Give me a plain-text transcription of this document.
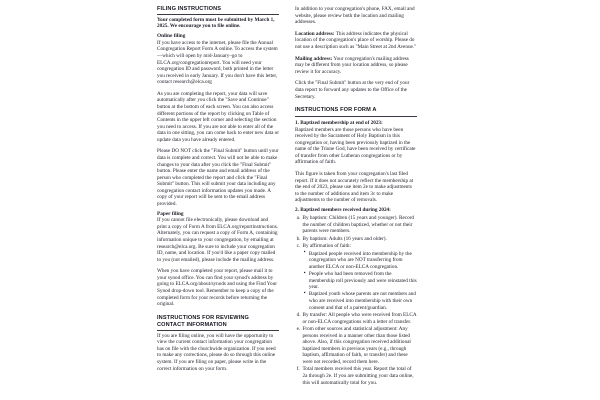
FILING INSTRUCTIONS

Your completed form must be submitted by March 1, 2025. We encourage you to file online.

Online filing

If you have access to the internet, please file the Annual Congregation Report Form A online. To access the system—which will open by mid-January–go to ELCA.org/congregationreport. You will need your congregation ID and password, both printed in the letter you received in early January. If you don't have this letter, contact research@elca.org

As you are completing the report, your data will save automatically after you click the "Save and Continue" button at the bottom of each screen. You can also access different portions of the report by clicking on Table of Contents in the upper left corner and selecting the section you need to access. If you are not able to enter all of the data in one sitting, you can come back to enter new data or update data you have already entered.

Please DO NOT click the "Final Submit" button until your data is complete and correct. You will not be able to make changes to your data after you click the "Final Submit" button. Please enter the name and email address of the person who completed the report and click the "Final Submit" button. This will submit your data including any congregation contact information updates you made. A copy of your report will be sent to the email address provided.

Paper filing

If you cannot file electronically, please download and print a copy of Form A from ELCA.org/reportinstructions. Alternately, you can request a copy of Form A, containing information unique to your congregation, by emailing at research@elca.org. Be sure to include your congregation ID, name, and location. If you'd like a paper copy mailed to you (not emailed), please include the mailing address.

When you have completed your report, please mail it to your synod office. You can find your synod's address by going to ELCA.org/about/synods and using the Find Your Synod drop-down tool. Remember to keep a copy of the completed form for your records before returning the original.

INSTRUCTIONS FOR REVIEWING
CONTACT INFORMATION

If you are filing online, you will have the opportunity to view the current contact information your congregation has on file with the churchwide organization. If you need to make any corrections, please do so through this online system. If you are filing on paper, please write in the correct information on your form.

In addition to your congregation's phone, FAX, email and website, please review both the location and mailing addresses.

Location address: This address indicates the physical location of the congregation's place of worship. Please do not use a description such as "Main Street at 2nd Avenue."

Mailing address: Your congregation's mailing address may be different from your location address, so please review it for accuracy.

Click the "Final Submit" button at the very end of your data report to forward any updates to the Office of the Secretary.

INSTRUCTIONS FOR FORM A

1. Baptized membership at end of 2023:

Baptized members are those persons who have been received by the Sacrament of Holy Baptism in this congregation or, having been previously baptized in the name of the Triune God, have been received by certificate of transfer from other Lutheran congregations or by affirmation of faith.

This figure is taken from your congregation's last filed report. If it does not accurately reflect the membership at the end of 2023, please use item 2e to make adjustments to the number of additions and item 3c to make adjustments to the number of removals.

2. Baptized members received during 2024:

a. By baptism: Children (15 years and younger). Record the number of children baptized, whether or not their parents were members.
b. By baptism: Adults (16 years and older).
c. By affirmation of faith:
▪ Baptized people received into membership by the congregation who are NOT transferring from another ELCA or non-ELCA congregation.
▪ People who had been removed from the membership roll previously and were reinstated this year.
▪ Baptized youth whose parents are not members and who are received into membership with their own consent and that of a parent/guardian.
d. By transfer: All people who were received from ELCA or non-ELCA congregations with a letter of transfer.
e. From other sources and statistical adjustment: Any persons received in a manner other than those listed above. Also, if this congregation received additional baptized members in previous years (e.g., through baptism, affirmation of faith, or transfer) and these were not recorded, record them here.
f. Total members received this year. Report the total of 2a through 2e. If you are submitting your data online, this will automatically total for you.
